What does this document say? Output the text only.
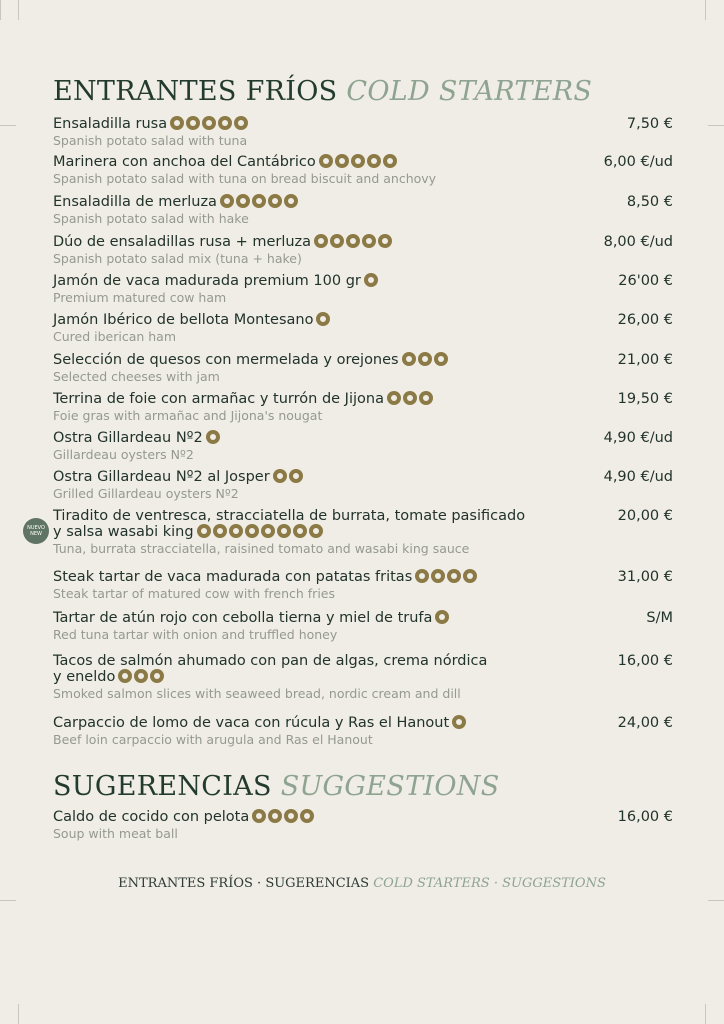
ENTRANTES FRÍOS COLD STARTERS
NUEVO
NEW
Ensaladilla rusa
Spanish potato salad with tuna
7,50 €
Marinera con anchoa del Cantábrico
Spanish potato salad with tuna on bread biscuit and anchovy
6,00 €/ud
Ensaladilla de merluza
Spanish potato salad with hake
8,50 €
Dúo de ensaladillas rusa + merluza
Spanish potato salad mix (tuna + hake)
8,00 €/ud
Jamón de vaca madurada premium 100 gr
Premium matured cow ham
26'00 €
Jamón Ibérico de bellota Montesano
Cured iberican ham
26,00 €
Selección de quesos con mermelada y orejones
Selected cheeses with jam
21,00 €
Terrina de foie con armañac y turrón de Jijona
Foie gras with armañac and Jijona's nougat
19,50 €
Ostra Gillardeau Nº2
Gillardeau oysters Nº2
4,90 €/ud
Ostra Gillardeau Nº2 al Josper
Grilled Gillardeau oysters Nº2
4,90 €/ud
Tiradito de ventresca, stracciatella de burrata, tomate pasificado
y salsa wasabi king
Tuna, burrata stracciatella, raisined tomato and wasabi king sauce
20,00 €
Steak tartar de vaca madurada con patatas fritas
Steak tartar of matured cow with french fries
31,00 €
Tartar de atún rojo con cebolla tierna y miel de trufa
Red tuna tartar with onion and truffled honey
S/M
Tacos de salmón ahumado con pan de algas, crema nórdica
y eneldo
Smoked salmon slices with seaweed bread, nordic cream and dill
16,00 €
Carpaccio de lomo de vaca con rúcula y Ras el Hanout
Beef loin carpaccio with arugula and Ras el Hanout
24,00 €
Caldo de cocido con pelota
Soup with meat ball
16,00 €
SUGERENCIAS SUGGESTIONS
ENTRANTES FRÍOS · SUGERENCIAS COLD STARTERS · SUGGESTIONS
